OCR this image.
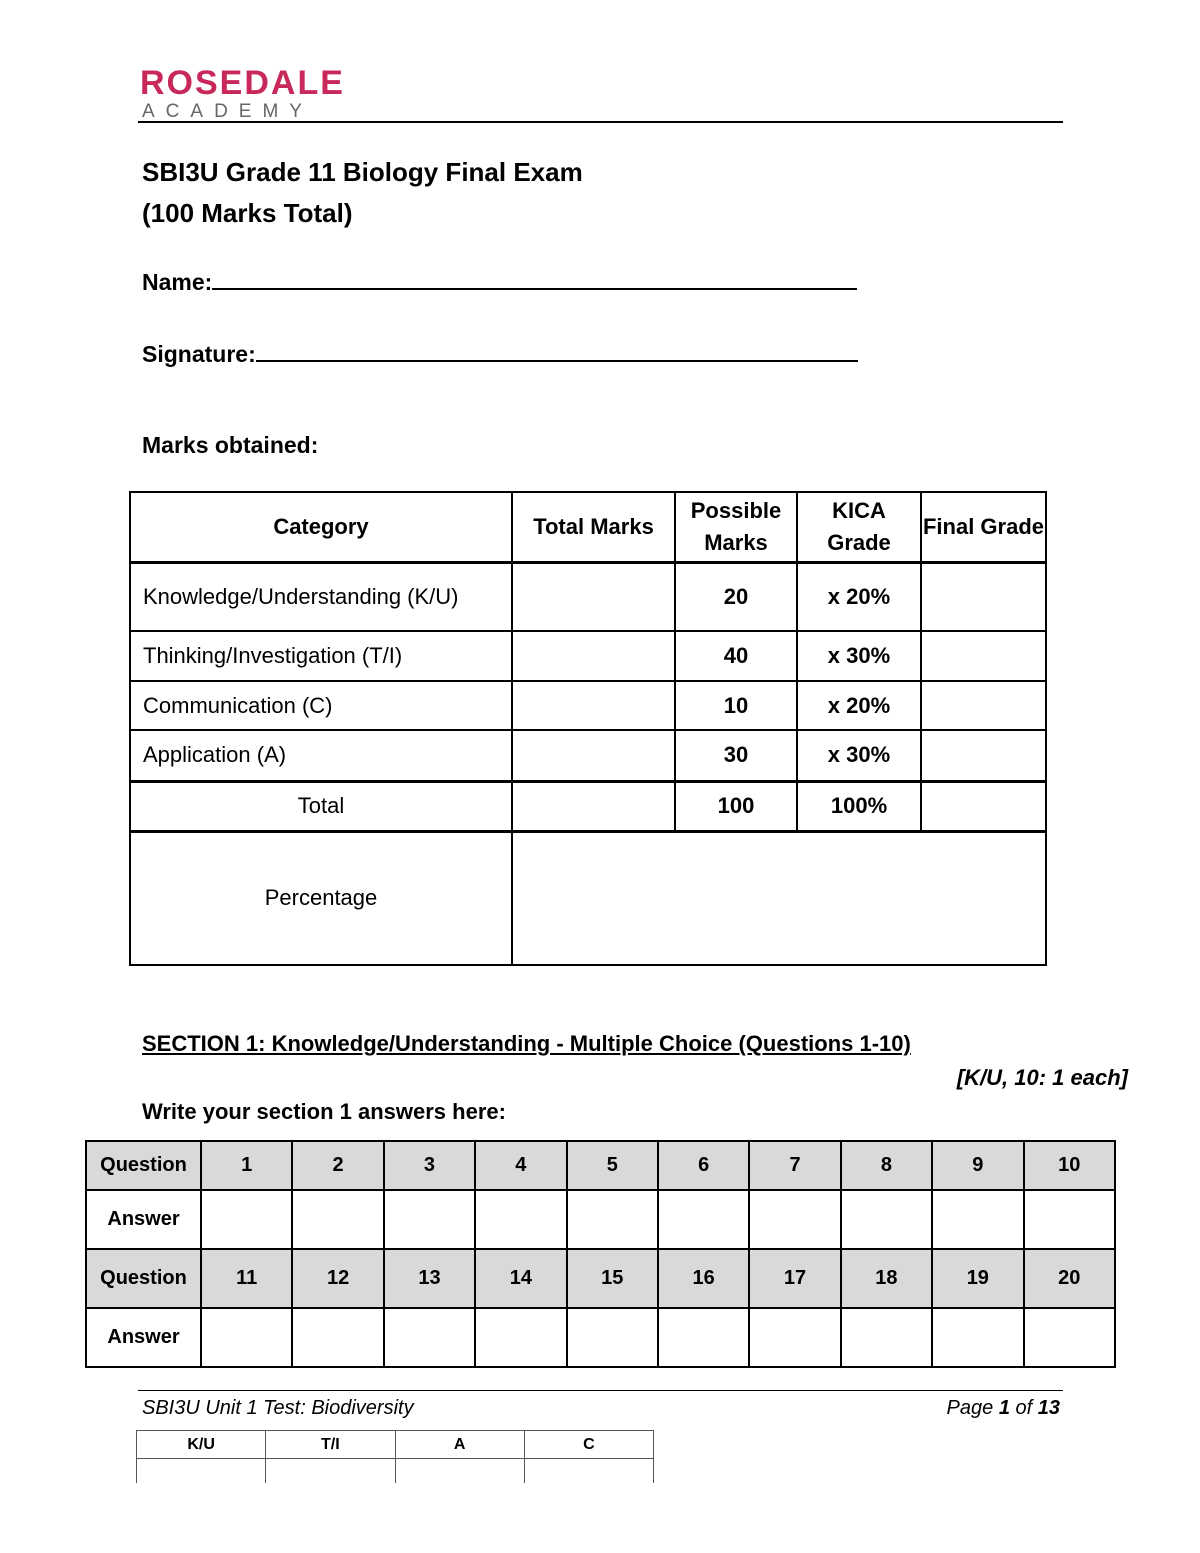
ROSEDALE
ACADEMY
SBI3U Grade 11 Biology Final Exam
(100 Marks Total)
Name:
Signature:
Marks obtained:
Category	Total Marks	Possible Marks	KICA Grade	Final Grade
Knowledge/Understanding (K/U)		20	x 20%	
Thinking/Investigation (T/I)		40	x 30%	
Communication (C)		10	x 20%	
Application (A)		30	x 30%	
Total		100	100%	
Percentage				
SECTION 1: Knowledge/Understanding - Multiple Choice (Questions 1-10)
[K/U, 10: 1 each]
Write your section 1 answers here:
Question	1	2	3	4	5	6	7	8	9	10
Answer										
Question	11	12	13	14	15	16	17	18	19	20
Answer										
SBI3U Unit 1 Test: Biodiversity	Page 1 of 13
K/U	T/I	A	C
